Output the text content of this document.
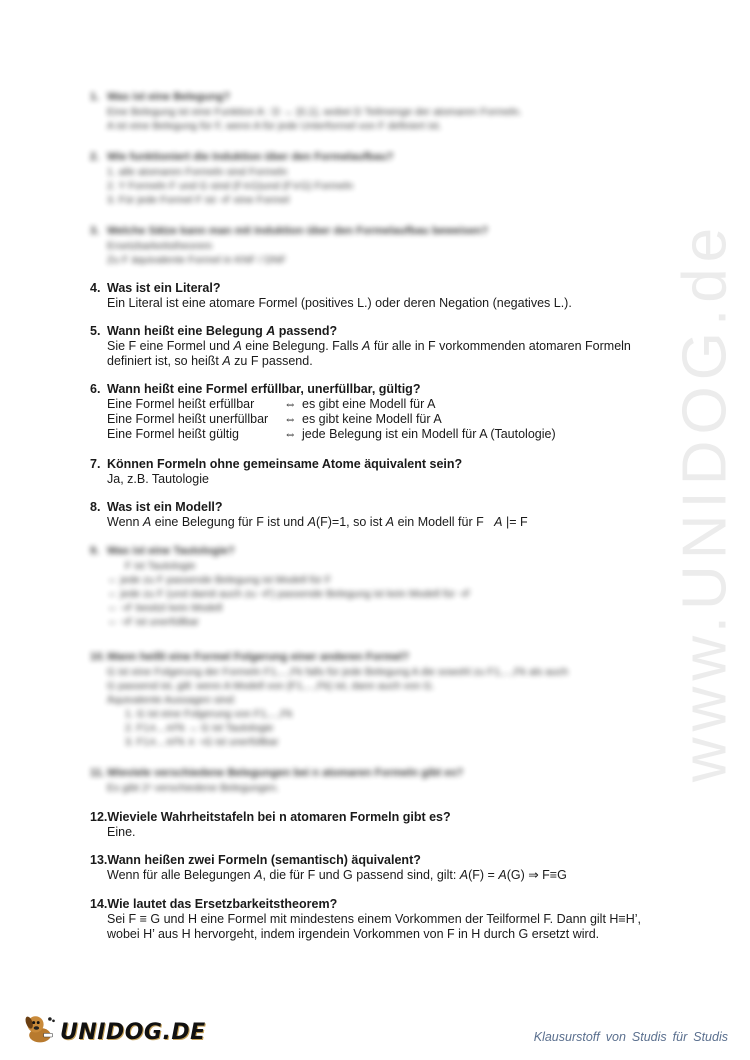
www.UNIDOG.de
1. Was ist eine Belegung?
Eine Belegung ist eine Funktion A : D → {0,1}, wobei D Teilmenge der atomaren Formeln.
A ist eine Belegung für F, wenn A für jede Unterformel von F definiert ist.
2. Wie funktioniert die Induktion über den Formelaufbau?
1. alle atomaren Formeln sind Formeln
2. Y Formeln F und G sind (F∧G)und (F∨G) Formeln
3. Für jede Formel F ist ¬F eine Formel
3. Welche Sätze kann man mit Induktion über den Formelaufbau beweisen?
Ersetzbarkeitstheorem
Zu F äquivalente Formel in KNF / DNF
4. Was ist ein Literal?
Ein Literal ist eine atomare Formel (positives L.) oder deren Negation (negatives L.).
5. Wann heißt eine Belegung A passend?
Sie F eine Formel und A eine Belegung. Falls A für alle in F vorkommenden atomaren Formeln
definiert ist, so heißt A zu F passend.
6. Wann heißt eine Formel erfüllbar, unerfüllbar, gültig?
Eine Formel heißt erfüllbar	⇔ es gibt eine Modell für A
Eine Formel heißt unerfüllbar	⇔ es gibt keine Modell für A
Eine Formel heißt gültig	⇔ jede Belegung ist ein Modell für A (Tautologie)
7. Können Formeln ohne gemeinsame Atome äquivalent sein?
Ja, z.B. Tautologie
8. Was ist ein Modell?
Wenn A eine Belegung für F ist und A(F)=1, so ist A ein Modell für F   A |= F
9. Was ist eine Tautologie?
F ist Tautologie
⇔ jede zu F passende Belegung ist Modell für F
⇔ jede zu F (und damit auch zu ¬F) passende Belegung ist kein Modell für ¬F
⇔ ¬F besitzt kein Modell
⇔ ¬F ist unerfüllbar
10. Wann heißt eine Formel Folgerung einer anderen Formel?
G ist eine Folgerung der Formeln F1,...,Fk falls für jede Belegung A die sowohl zu F1,...,Fk als auch
G passend ist, gilt: wenn A Modell von {F1,...,Fk} ist, dann auch von G.
Äquivalente Aussagen sind:
1. G ist eine Folgerung von F1,...,Fk
2. F1∧...∧Fk → G ist Tautologie
3. F1∧...∧Fk ∧ ¬G ist unerfüllbar
11. Wieviele verschiedene Belegungen bei n atomaren Formeln gibt es?
Es gibt 2ⁿ verschiedene Belegungen.
12. Wieviele Wahrheitstafeln bei n atomaren Formeln gibt es?
Eine.
13. Wann heißen zwei Formeln (semantisch) äquivalent?
Wenn für alle Belegungen A, die für F und G passend sind, gilt: A(F) = A(G) ⇒ F≡G
14. Wie lautet das Ersetzbarkeitstheorem?
Sei F ≡ G und H eine Formel mit mindestens einem Vorkommen der Teilformel F. Dann gilt H≡H’,
wobei H’ aus H hervorgeht, indem irgendein Vorkommen von F in H durch G ersetzt wird.
UNIDOG.DE	Klausurstoff von Studis für Studis
